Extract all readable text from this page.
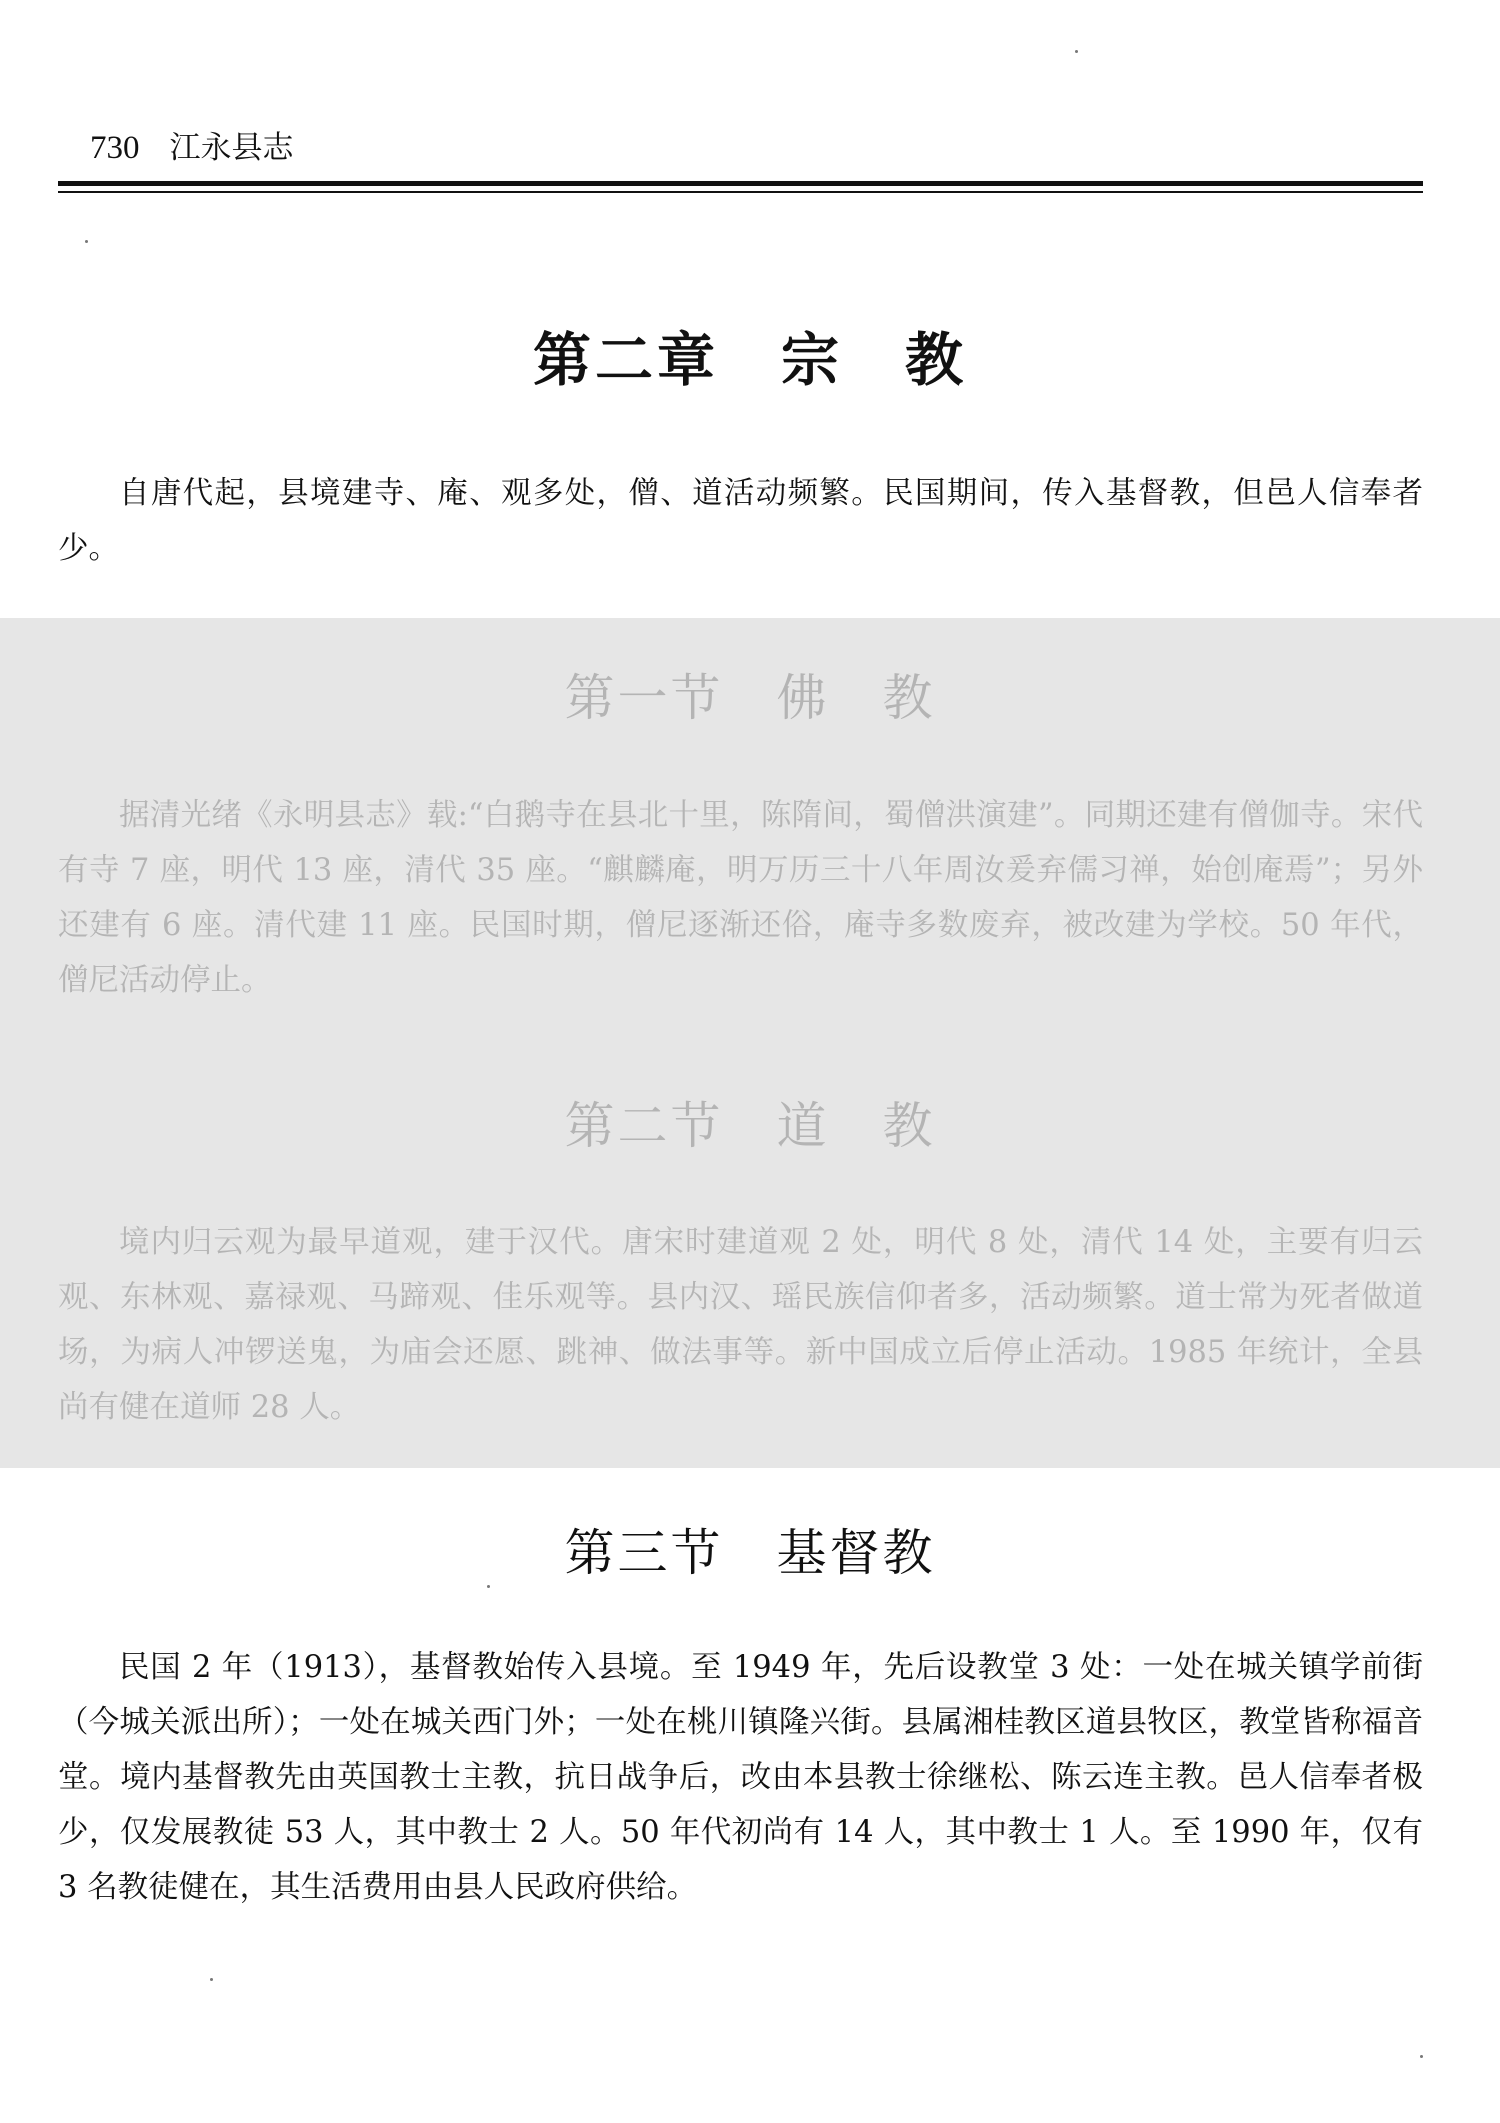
730 江永县志
第二章　宗　教

自唐代起，县境建寺、庵、观多处，僧、道活动频繁。民国期间，传入基督教，但邑人信奉者少。

第一节　佛　教

据清光绪《永明县志》载:“白鹅寺在县北十里，陈隋间，蜀僧洪演建”。同期还建有僧伽寺。宋代有寺 7 座，明代 13 座，清代 35 座。“麒麟庵，明万历三十八年周汝爰弃儒习禅，始创庵焉”；另外还建有 6 座。清代建 11 座。民国时期，僧尼逐渐还俗，庵寺多数废弃，被改建为学校。50 年代，僧尼活动停止。

第二节　道　教

境内归云观为最早道观，建于汉代。唐宋时建道观 2 处，明代 8 处，清代 14 处，主要有归云观、东林观、嘉禄观、马蹄观、佳乐观等。县内汉、瑶民族信仰者多，活动频繁。道士常为死者做道场，为病人冲锣送鬼，为庙会还愿、跳神、做法事等。新中国成立后停止活动。1985 年统计，全县尚有健在道师 28 人。

第三节　基督教

民国 2 年（1913），基督教始传入县境。至 1949 年，先后设教堂 3 处：一处在城关镇学前街（今城关派出所）；一处在城关西门外；一处在桃川镇隆兴街。县属湘桂教区道县牧区，教堂皆称福音堂。境内基督教先由英国教士主教，抗日战争后，改由本县教士徐继松、陈云连主教。邑人信奉者极少，仅发展教徒 53 人，其中教士 2 人。50 年代初尚有 14 人，其中教士 1 人。至 1990 年，仅有 3 名教徒健在，其生活费用由县人民政府供给。
